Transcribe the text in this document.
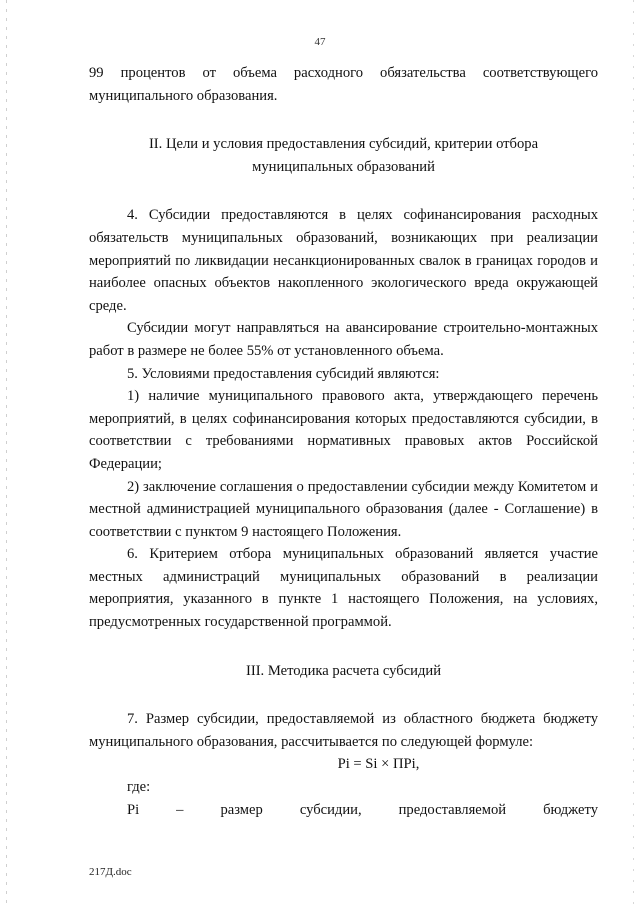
47

99 процентов от объема расходного обязательства соответствующего муниципального образования.

II. Цели и условия предоставления субсидий, критерии отбора

муниципальных образований

4. Субсидии предоставляются в целях софинансирования расходных обязательств муниципальных образований, возникающих при реализации мероприятий по ликвидации несанкционированных свалок в границах городов и наиболее опасных объектов накопленного экологического вреда окружающей среде.

Субсидии могут направляться на авансирование строительно-монтажных работ в размере не более 55% от установленного объема.

5. Условиями предоставления субсидий являются:

1) наличие муниципального правового акта, утверждающего перечень мероприятий, в целях софинансирования которых предоставляются субсидии, в соответствии с требованиями нормативных правовых актов Российской Федерации;

2) заключение соглашения о предоставлении субсидии между Комитетом и местной администрацией муниципального образования (далее - Соглашение) в соответствии с пунктом 9 настоящего Положения.

6. Критерием отбора муниципальных образований является участие местных администраций муниципальных образований в реализации мероприятия, указанного в пункте 1 настоящего Положения, на условиях, предусмотренных государственной программой.

III. Методика расчета субсидий

7. Размер субсидии, предоставляемой из областного бюджета бюджету муниципального образования, рассчитывается по следующей формуле:

Pi = Si × ПPi,

где:

Pi	–	размер	субсидии,	предоставляемой	бюджету
217Д.doc
